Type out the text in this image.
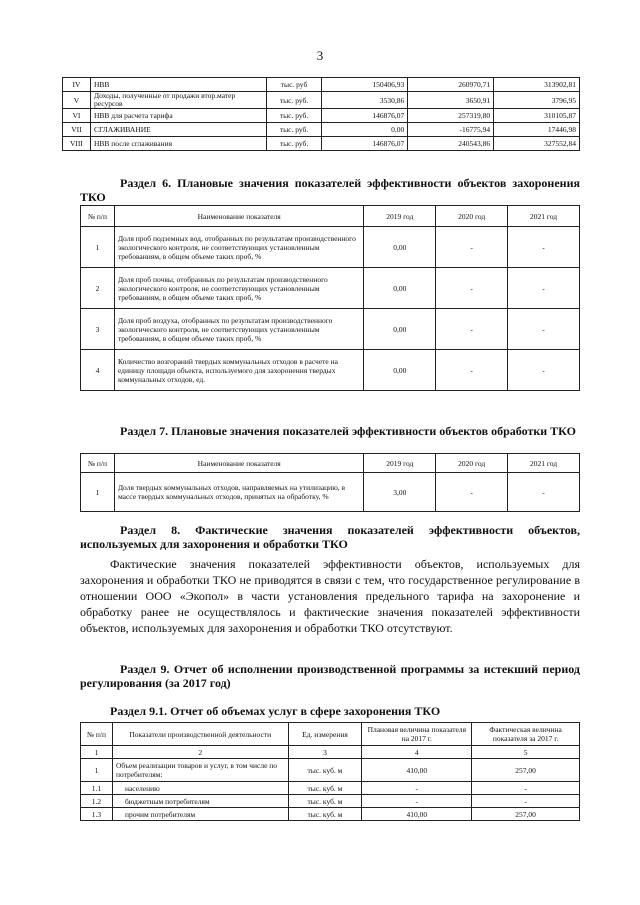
3
IV	НВВ	тыс. руб	150406,93	260970,71	313902,81
V	Доходы, полученные от продажи втор.матер ресурсов	тыс. руб.	3530,86	3650,91	3796,95
VI	НВВ для расчета тарифа	тыс. руб.	146876,07	257319,80	310105,87
VII	СГЛАЖИВАНИЕ	тыс. руб.	0,00	-16775,94	17446,98
VIII	НВВ после сглаживания	тыс. руб.	146876,07	240543,86	327552,84
Раздел 6. Плановые значения показателей эффективности объектов захоронения ТКО
№ п/п	Наименование показателя	2019 год	2020 год	2021 год
1	Доля проб подземных вод, отобранных по результатам производственного экологического контроля, не соответствующих установленным требованиям, в общем объеме таких проб, %	0,00	-	-
2	Доля проб почвы, отобранных по результатам производственного экологического контроля, не соответствующих установленным требованиям, в общем объеме таких проб, %	0,00	-	-
3	Доля проб воздуха, отобранных по результатам производственного экологического контроля, не соответствующих установленным требованиям, в общем объеме таких проб, %	0,00	-	-
4	Количество возгораний твердых коммунальных отходов в расчете на единицу площади объекта, используемого для захоронения твердых коммунальных отходов, ед.	0,00	-	-
Раздел 7. Плановые значения показателей эффективности объектов обработки ТКО
№ п/п	Наименование показателя	2019 год	2020 год	2021 год
1	Доля твердых коммунальных отходов, направляемых на утилизацию, в массе твердых коммунальных отходов, принятых на обработку, %	3,00	-	-
Раздел 8. Фактические значения показателей эффективности объектов, используемых для захоронения и обработки ТКО
Фактические значения показателей эффективности объектов, используемых для захоронения и обработки ТКО не приводятся в связи с тем, что государственное регулирование в отношении ООО «Экопол» в части установления предельного тарифа на захоронение и обработку ранее не осуществлялось и фактические значения показателей эффективности объектов, используемых для захоронения и обработки ТКО отсутствуют.
Раздел 9. Отчет об исполнении производственной программы за истекший период регулирования (за 2017 год)
Раздел 9.1. Отчет об объемах услуг в сфере захоронения ТКО
№ п/п	Показатели производственной деятельности	Ед. измерения	Плановая величина показателя на 2017 г.	Фактическая величина показателя за 2017 г.
1	2	3	4	5
1	Объем реализации товаров и услуг, в том числе по потребителям:	тыс. куб. м	410,00	257,00
1.1	населению	тыс. куб. м	-	-
1.2	бюджетным потребителям	тыс. куб. м	-	-
1.3	прочим потребителям	тыс. куб. м	410,00	257,00
